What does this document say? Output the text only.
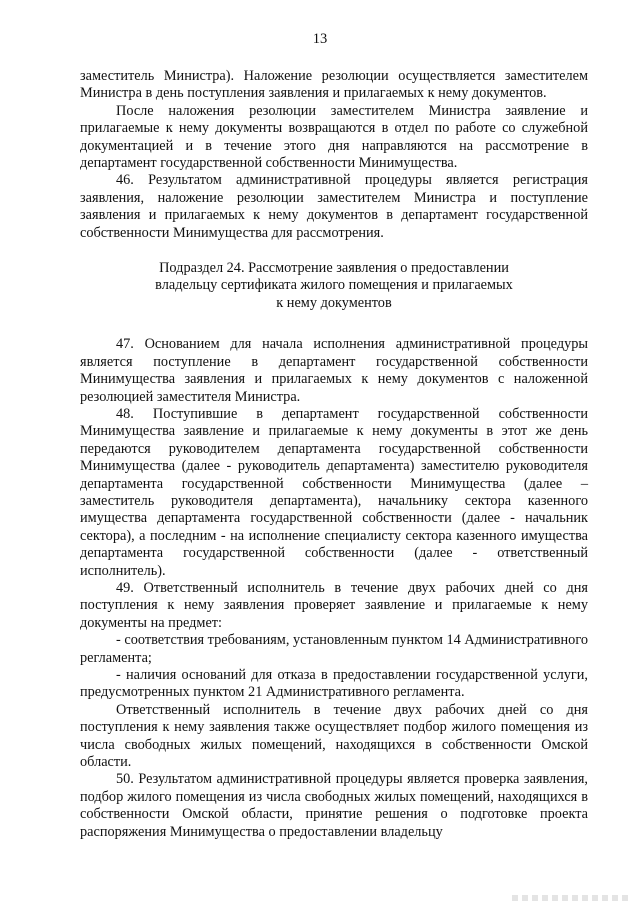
13

заместитель Министра). Наложение резолюции осуществляется заместителем Министра в день поступления заявления и прилагаемых к нему документов.

После наложения резолюции заместителем Министра заявление и прилагаемые к нему документы возвращаются в отдел по работе со служебной документацией и в течение этого дня направляются на рассмотрение в департамент государственной собственности Минимущества.

46. Результатом административной процедуры является регистрация заявления, наложение резолюции заместителем Министра и поступление заявления и прилагаемых к нему документов в департамент государственной собственности Минимущества для рассмотрения.

Подраздел 24. Рассмотрение заявления о предоставлении

владельцу сертификата жилого помещения и прилагаемых

к нему документов

47. Основанием для начала исполнения административной процедуры является поступление в департамент государственной собственности Минимущества заявления и прилагаемых к нему документов с наложенной резолюцией заместителя Министра.

48. Поступившие в департамент государственной собственности Минимущества заявление и прилагаемые к нему документы в этот же день передаются руководителем департамента государственной собственности Минимущества (далее - руководитель департамента) заместителю руководителя департамента государственной собственности Минимущества (далее – заместитель руководителя департамента), начальнику сектора казенного имущества департамента государственной собственности (далее - начальник сектора), а последним - на исполнение специалисту сектора казенного имущества департамента государственной собственности (далее - ответственный исполнитель).

49. Ответственный исполнитель в течение двух рабочих дней со дня поступления к нему заявления проверяет заявление и прилагаемые к нему документы на предмет:

- соответствия требованиям, установленным пунктом 14 Административного регламента;

- наличия оснований для отказа в предоставлении государственной услуги, предусмотренных пунктом 21 Административного регламента.

Ответственный исполнитель в течение двух рабочих дней со дня поступления к нему заявления также осуществляет подбор жилого помещения из числа свободных жилых помещений, находящихся в собственности Омской области.

50. Результатом административной процедуры является проверка заявления, подбор жилого помещения из числа свободных жилых помещений, находящихся в собственности Омской области, принятие решения о подготовке проекта распоряжения Минимущества о предоставлении владельцу
